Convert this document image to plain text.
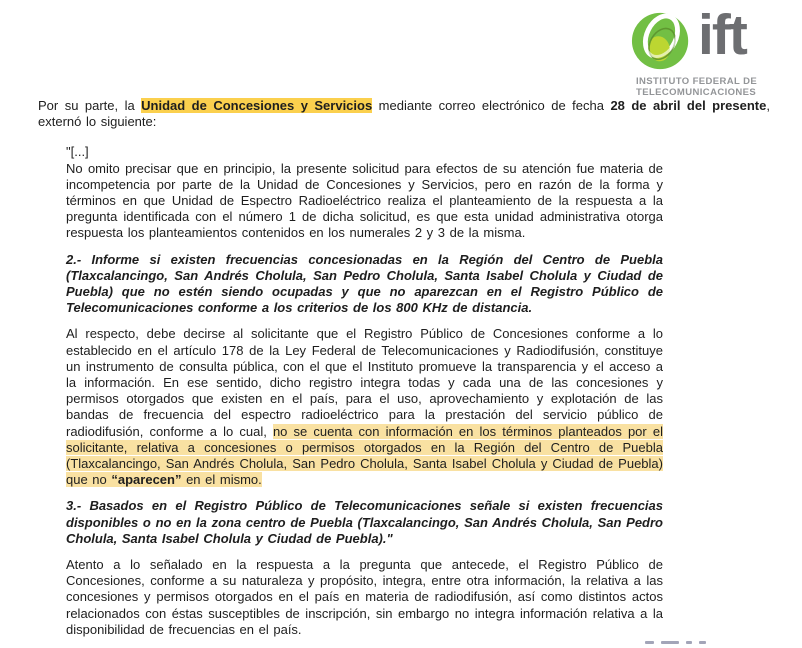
ift
INSTITUTO FEDERAL DE
TELECOMUNICACIONES

Por su parte, la Unidad de Concesiones y Servicios mediante correo electrónico de fecha 28 de abril del presente, externó lo siguiente:

"[...]

No omito precisar que en principio, la presente solicitud para efectos de su atención fue materia de incompetencia por parte de la Unidad de Concesiones y Servicios, pero en razón de la forma y términos en que Unidad de Espectro Radioeléctrico realiza el planteamiento de la respuesta a la pregunta identificada con el número 1 de dicha solicitud, es que esta unidad administrativa otorga respuesta los planteamientos contenidos en los numerales 2 y 3 de la misma.

2.- Informe si existen frecuencias concesionadas en la Región del Centro de Puebla (Tlaxcalancingo, San Andrés Cholula, San Pedro Cholula, Santa Isabel Cholula y Ciudad de Puebla) que no estén siendo ocupadas y que no aparezcan en el Registro Público de Telecomunicaciones conforme a los criterios de los 800 KHz de distancia.

Al respecto, debe decirse al solicitante que el Registro Público de Concesiones conforme a lo establecido en el artículo 178 de la Ley Federal de Telecomunicaciones y Radiodifusión, constituye un instrumento de consulta pública, con el que el Instituto promueve la transparencia y el acceso a la información. En ese sentido, dicho registro integra todas y cada una de las concesiones y permisos otorgados que existen en el país, para el uso, aprovechamiento y explotación de las bandas de frecuencia del espectro radioeléctrico para la prestación del servicio público de radiodifusión, conforme a lo cual, no se cuenta con información en los términos planteados por el solicitante, relativa a concesiones o permisos otorgados en la Región del Centro de Puebla (Tlaxcalancingo, San Andrés Cholula, San Pedro Cholula, Santa Isabel Cholula y Ciudad de Puebla) que no “aparecen” en el mismo.

3.- Basados en el Registro Público de Telecomunicaciones señale si existen frecuencias disponibles o no en la zona centro de Puebla (Tlaxcalancingo, San Andrés Cholula, San Pedro Cholula, Santa Isabel Cholula y Ciudad de Puebla)."

Atento a lo señalado en la respuesta a la pregunta que antecede, el Registro Público de Concesiones, conforme a su naturaleza y propósito, integra, entre otra información, la relativa a las concesiones y permisos otorgados en el país en materia de radiodifusión, así como distintos actos relacionados con éstas susceptibles de inscripción, sin embargo no integra información relativa a la disponibilidad de frecuencias en el país.
